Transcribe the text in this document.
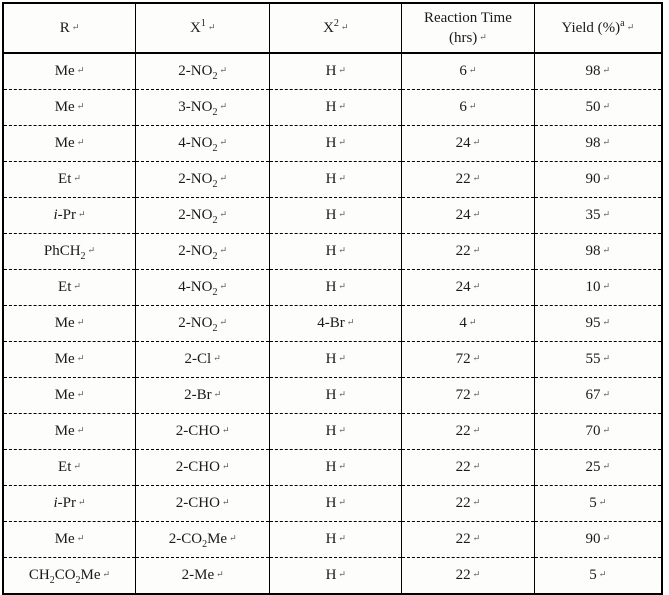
R ↵	$X^1$ ↵	$X^2$ ↵	Reaction Time
(hrs) ↵	Yield (%)$^a$ ↵
Me ↵	$2-NO_2↵$	H ↵	6 ↵	98 ↵
Me ↵	$3-NO_2↵$	H ↵	6 ↵	50 ↵
Me ↵	$4-NO_2↵$	H ↵	24 ↵	98 ↵
Et ↵	$2-NO_2↵$	H ↵	22 ↵	90 ↵
i-Pr ↵	$2-NO_2↵$	H ↵	24 ↵	35 ↵
PhCH$_2$↵	$2-NO_2↵$	H ↵	22 ↵	98 ↵
Et ↵	$4-NO_2↵$	H ↵	24 ↵	10 ↵
Me ↵	$2-NO_2↵$	4-Br ↵	4 ↵	95 ↵
Me ↵	2-Cl ↵	H ↵	72 ↵	55 ↵
Me ↵	2-Br ↵	H ↵	72 ↵	67 ↵
Me ↵	2-CHO ↵	H ↵	22 ↵	70 ↵
Et ↵	2-CHO ↵	H ↵	22 ↵	25 ↵
i-Pr ↵	2-CHO ↵	H ↵	22 ↵	5 ↵
Me ↵	$2-CO_2Me$ ↵	H ↵	22 ↵	90 ↵
$CH_2CO_2Me$ ↵	2-Me ↵	H ↵	22 ↵	5 ↵
